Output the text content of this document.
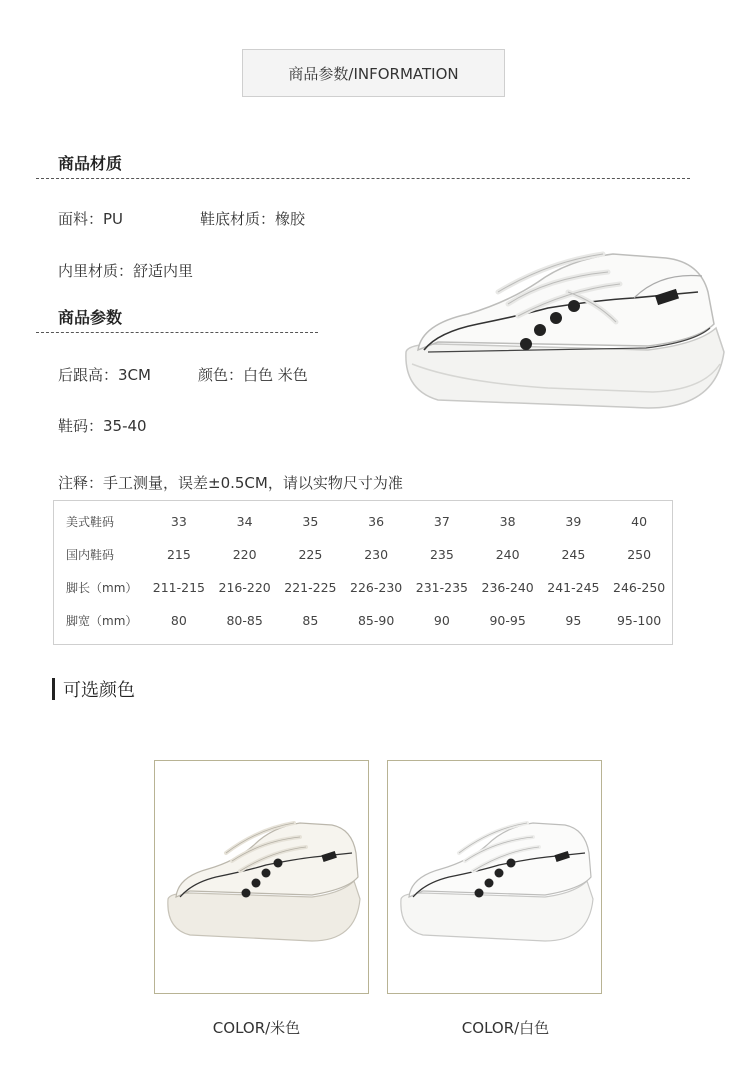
商品参数/INFORMATION
商品材质
面料：PU	鞋底材质：橡胶
内里材质：舒适内里
商品参数
后跟高：3CM	颜色：白色 米色
鞋码：35-40
注释：手工测量，误差±0.5CM，请以实物尺寸为准
美式鞋码	33	34	35	36	37	38	39	40
国内鞋码	215	220	225	230	235	240	245	250
脚长（mm）	211-215	216-220	221-225	226-230	231-235	236-240	241-245	246-250
脚宽（mm）	80	80-85	85	85-90	90	90-95	95	95-100
可选颜色
COLOR/米色	COLOR/白色
